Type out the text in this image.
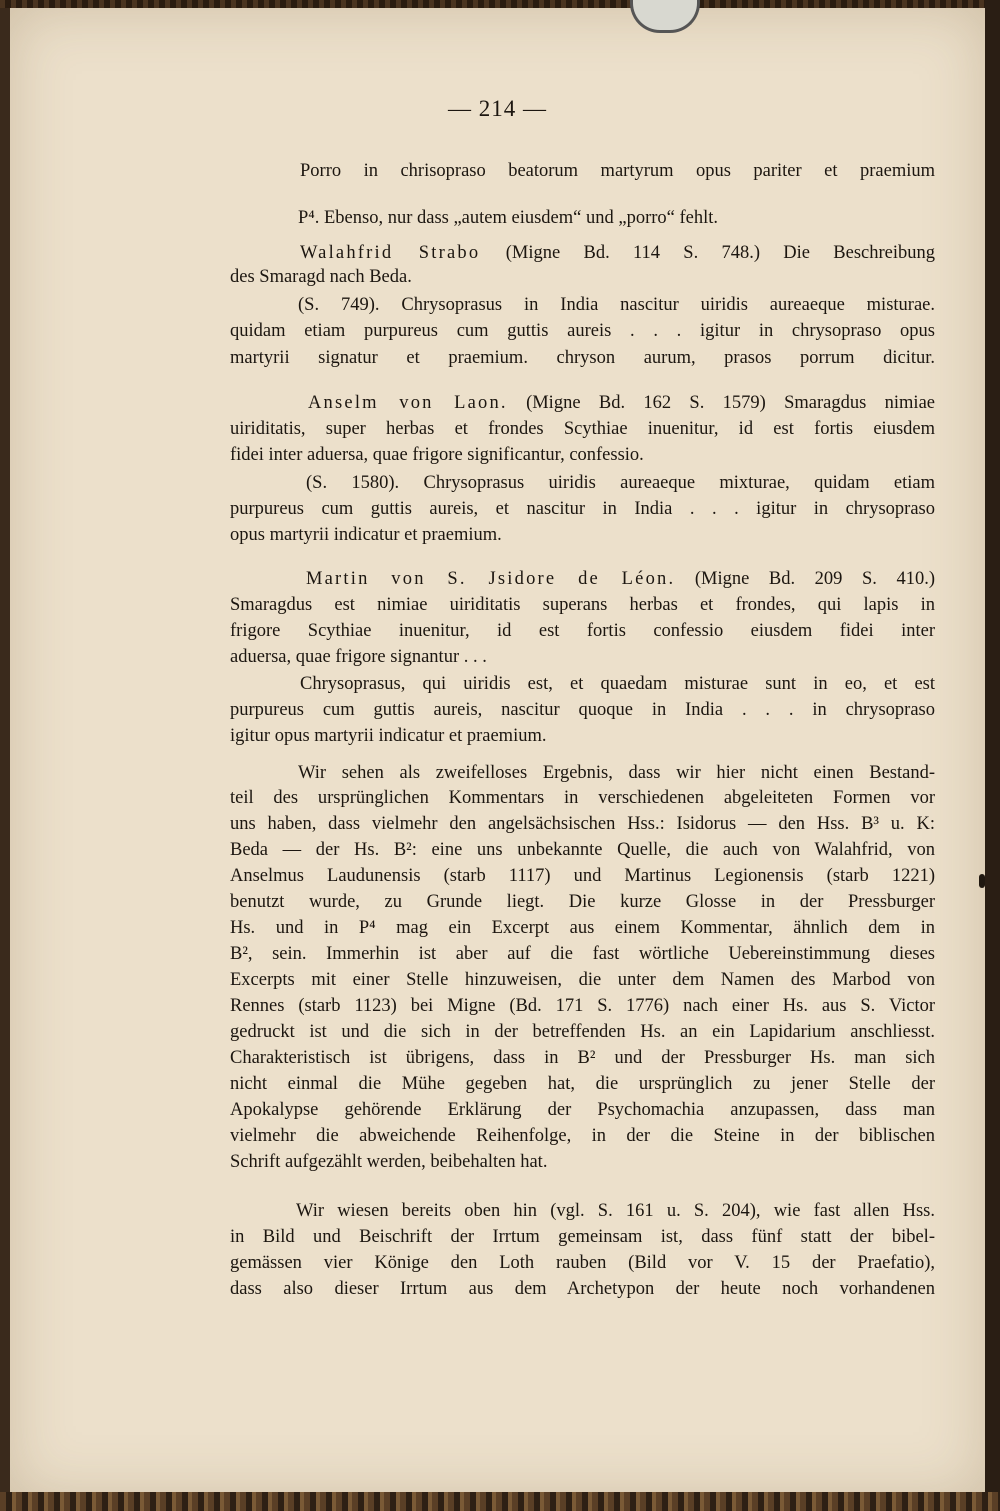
— 214 —
Porro in chrisopraso beatorum martyrum opus pariter et praemium
P⁴. Ebenso, nur dass „autem eiusdem“ und „porro“ fehlt.
Walahfrid Strabo (Migne Bd. 114 S. 748.) Die Beschreibung
des Smaragd nach Beda.
(S. 749). Chrysoprasus in India nascitur uiridis aureaeque misturae.
quidam etiam purpureus cum guttis aureis . . . igitur in chrysopraso opus
martyrii signatur et praemium. chryson aurum, prasos porrum dicitur.
Anselm von Laon. (Migne Bd. 162 S. 1579) Smaragdus nimiae
uiriditatis, super herbas et frondes Scythiae inuenitur, id est fortis eiusdem
fidei inter aduersa, quae frigore significantur, confessio.
(S. 1580). Chrysoprasus uiridis aureaeque mixturae, quidam etiam
purpureus cum guttis aureis, et nascitur in India . . . igitur in chrysopraso
opus martyrii indicatur et praemium.
Martin von S. Jsidore de Léon. (Migne Bd. 209 S. 410.)
Smaragdus est nimiae uiriditatis superans herbas et frondes, qui lapis in
frigore Scythiae inuenitur, id est fortis confessio eiusdem fidei inter
aduersa, quae frigore signantur . . .
Chrysoprasus, qui uiridis est, et quaedam misturae sunt in eo, et est
purpureus cum guttis aureis, nascitur quoque in India . . . in chrysopraso
igitur opus martyrii indicatur et praemium.
Wir sehen als zweifelloses Ergebnis, dass wir hier nicht einen Bestand-
teil des ursprünglichen Kommentars in verschiedenen abgeleiteten Formen vor
uns haben, dass vielmehr den angelsächsischen Hss.: Isidorus — den Hss. B³ u. K:
Beda — der Hs. B²: eine uns unbekannte Quelle, die auch von Walahfrid, von
Anselmus Laudunensis (starb 1117) und Martinus Legionensis (starb 1221)
benutzt wurde, zu Grunde liegt. Die kurze Glosse in der Pressburger
Hs. und in P⁴ mag ein Excerpt aus einem Kommentar, ähnlich dem in
B², sein. Immerhin ist aber auf die fast wörtliche Uebereinstimmung dieses
Excerpts mit einer Stelle hinzuweisen, die unter dem Namen des Marbod von
Rennes (starb 1123) bei Migne (Bd. 171 S. 1776) nach einer Hs. aus S. Victor
gedruckt ist und die sich in der betreffenden Hs. an ein Lapidarium anschliesst.
Charakteristisch ist übrigens, dass in B² und der Pressburger Hs. man sich
nicht einmal die Mühe gegeben hat, die ursprünglich zu jener Stelle der
Apokalypse gehörende Erklärung der Psychomachia anzupassen, dass man
vielmehr die abweichende Reihenfolge, in der die Steine in der biblischen
Schrift aufgezählt werden, beibehalten hat.
Wir wiesen bereits oben hin (vgl. S. 161 u. S. 204), wie fast allen Hss.
in Bild und Beischrift der Irrtum gemeinsam ist, dass fünf statt der bibel-
gemässen vier Könige den Loth rauben (Bild vor V. 15 der Praefatio),
dass also dieser Irrtum aus dem Archetypon der heute noch vorhandenen
